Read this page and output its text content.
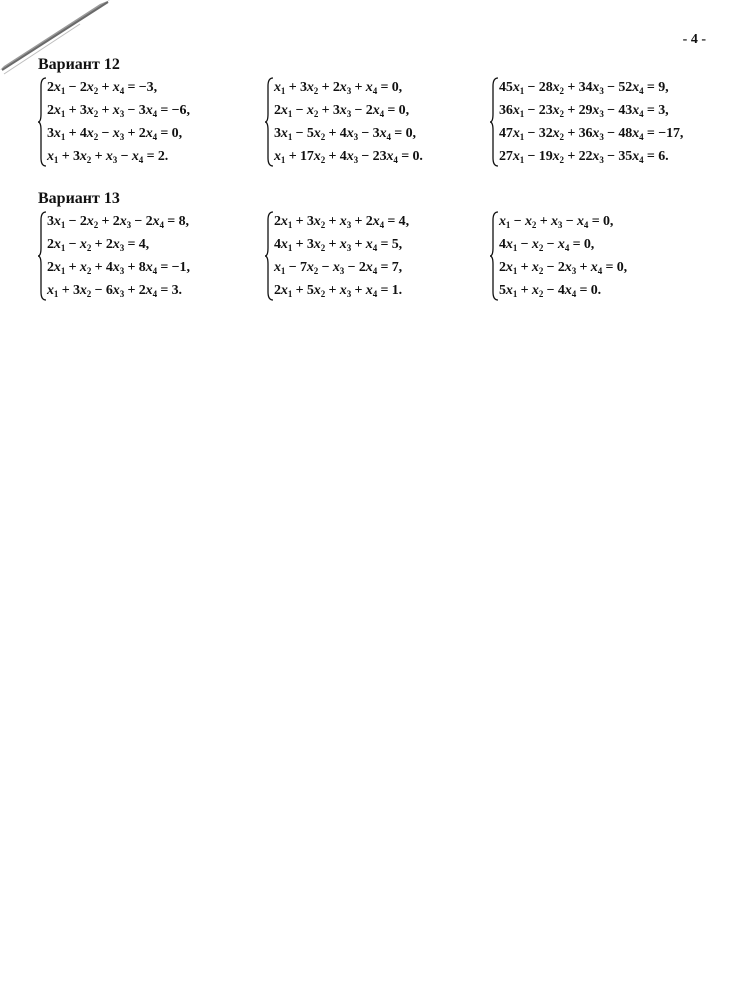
- 4 -
Вариант 12
$2x_1 - 2x_2 + x_4 = -3$,
$2x_1 + 3x_2 + x_3 - 3x_4 = -6$,
$3x_1 + 4x_2 - x_3 + 2x_4 = 0$,
$x_1 + 3x_2 + x_3 - x_4 = 2$.
$x_1 + 3x_2 + 2x_3 + x_4 = 0$,
$2x_1 - x_2 + 3x_3 - 2x_4 = 0$,
$3x_1 - 5x_2 + 4x_3 - 3x_4 = 0$,
$x_1 + 17x_2 + 4x_3 - 23x_4 = 0$.
$45x_1 - 28x_2 + 34x_3 - 52x_4 = 9$,
$36x_1 - 23x_2 + 29x_3 - 43x_4 = 3$,
$47x_1 - 32x_2 + 36x_3 - 48x_4 = -17$,
$27x_1 - 19x_2 + 22x_3 - 35x_4 = 6$.
Вариант 13
$3x_1 - 2x_2 + 2x_3 - 2x_4 = 8$,
$2x_1 - x_2 + 2x_3 = 4$,
$2x_1 + x_2 + 4x_3 + 8x_4 = -1$,
$x_1 + 3x_2 - 6x_3 + 2x_4 = 3$.
$2x_1 + 3x_2 + x_3 + 2x_4 = 4$,
$4x_1 + 3x_2 + x_3 + x_4 = 5$,
$x_1 - 7x_2 - x_3 - 2x_4 = 7$,
$2x_1 + 5x_2 + x_3 + x_4 = 1$.
$x_1 - x_2 + x_3 - x_4 = 0$,
$4x_1 - x_2 - x_4 = 0$,
$2x_1 + x_2 - 2x_3 + x_4 = 0$,
$5x_1 + x_2 - 4x_4 = 0$.
